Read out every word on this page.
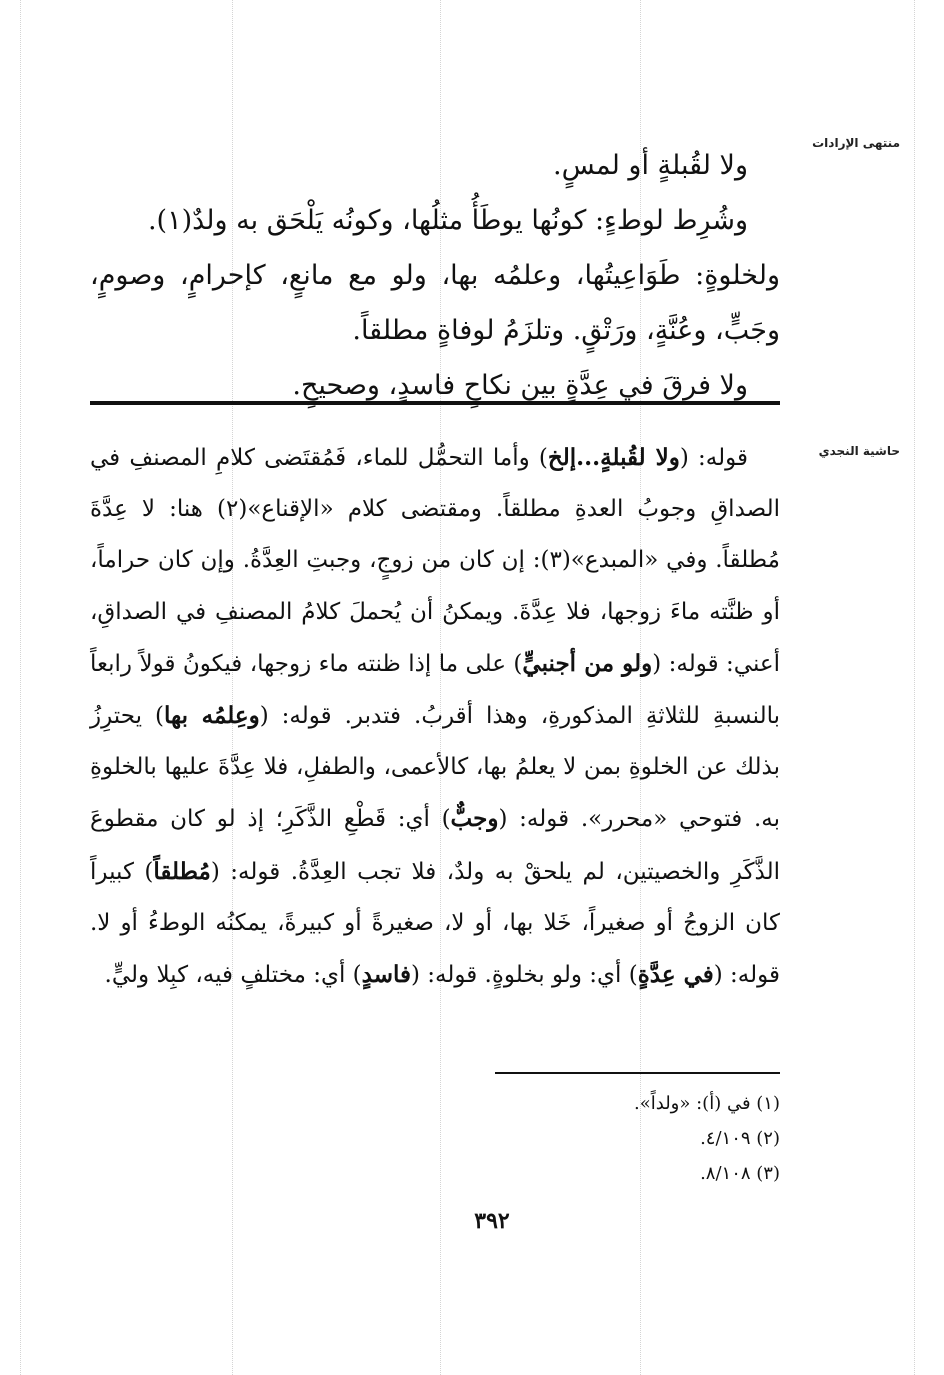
منتهى الإرادات
حاشية النجدي

ولا لقُبلةٍ أو لمسٍ.

وشُرِط لوطءٍ: كونُها يوطَأُ مثلُها، وكونُه يَلْحَق به ولدٌ(١).

ولخلوةٍ: طَوَاعِيتُها، وعلمُه بها، ولو مع مانعٍ، كإحرامٍ، وصومٍ، وجَبٍّ، وعُنَّةٍ، ورَتْقٍ. وتلزَمُ لوفاةٍ مطلقاً.

ولا فرقَ في عِدَّةٍ بين نكاحٍ فاسدٍ، وصحيحٍ.

قوله: (ولا لقُبلةٍ...إلخ) وأما التحمُّل للماء، فَمُقتَضى كلامِ المصنفِ في الصداقِ وجوبُ العدةِ مطلقاً. ومقتضى كلام «الإقناع»(٢) هنا: لا عِدَّةَ مُطلقاً. وفي «المبدع»(٣): إن كان من زوجٍ، وجبتِ العِدَّةُ. وإن كان حراماً، أو ظنَّته ماءَ زوجها، فلا عِدَّةَ. ويمكنُ أن يُحملَ كلامُ المصنفِ في الصداقِ، أعني: قوله: (ولو من أجنبيٍّ) على ما إذا ظنته ماء زوجها، فيكونُ قولاً رابعاً بالنسبةِ للثلاثةِ المذكورةِ، وهذا أقربُ. فتدبر. قوله: (وعِلمُه بها) يحترِزُ بذلك عن الخلوةِ بمن لا يعلمُ بها، كالأعمى، والطفلِ، فلا عِدَّةَ عليها بالخلوةِ به. فتوحي «محرر». قوله: (وجبٌّ) أي: قَطْعِ الذَّكَرِ؛ إذ لو كان مقطوعَ الذَّكَرِ والخصيتين، لم يلحقْ به ولدٌ، فلا تجب العِدَّةُ. قوله: (مُطلقاً) كبيراً كان الزوجُ أو صغيراً، خَلا بها، أو لا، صغيرةً أو كبيرةً، يمكنُه الوطءُ أو لا. قوله: (في عِدَّةٍ) أي: ولو بخلوةٍ. قوله: (فاسدٍ) أي: مختلفٍ فيه، كبِلا وليٍّ.

(١) في (أ): «ولداً».
(٢) ٤/١٠٩.
(٣) ٨/١٠٨.
٣٩٢
